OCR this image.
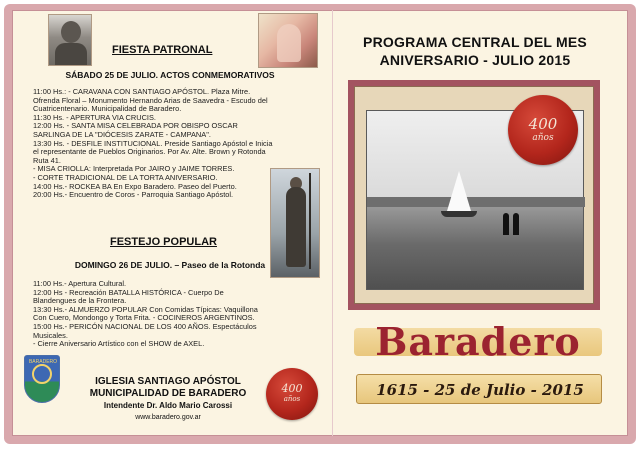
FIESTA PATRONAL
SÁBADO 25 DE JULIO. ACTOS CONMEMORATIVOS
11:00 Hs.: - CARAVANA CON SANTIAGO APÓSTOL. Plaza Mitre.
Ofrenda Floral – Monumento Hernando Arias de Saavedra - Escudo del
Cuatricentenario. Municipalidad de Baradero.
11:30 Hs. - APERTURA VIA CRUCIS.
12:00 Hs. - SANTA MISA CELEBRADA POR OBISPO OSCAR
SARLINGA DE LA "DIÓCESIS ZARATE - CAMPANA".
13:30 Hs. - DESFILE INSTITUCIONAL. Preside Santiago Apóstol e Inicia
el representante de Pueblos Originarios. Por Av. Alte. Brown y Rotonda
Ruta 41.
- MISA CRIOLLA: Interpretada Por JAIRO y JAIME TORRES.
- CORTE TRADICIONAL DE LA TORTA ANIVERSARIO.
14:00 Hs.- ROCKEA BA En Expo Baradero. Paseo del Puerto.
20:00 Hs.- Encuentro de Coros - Parroquia Santiago Apóstol.
FESTEJO POPULAR
DOMINGO 26 DE JULIO. – Paseo de la Rotonda
11:00 Hs.- Apertura Cultural.
12:00 Hs - Recreación BATALLA HISTÓRICA - Cuerpo De
Blandengues de la Frontera.
13:30 Hs.- ALMUERZO POPULAR Con Comidas Típicas: Vaquillona
Con Cuero, Mondongo y Torta Frita. - COCINEROS ARGENTINOS.
15:00 Hs.- PERICÓN NACIONAL DE LOS 400 AÑOS. Espectáculos
Musicales.
- Cierre Aniversario Artístico con el SHOW de AXEL.
BARADERO
IGLESIA SANTIAGO APÓSTOL
MUNICIPALIDAD DE BARADERO
Intendente Dr. Aldo Mario Carossi
www.baradero.gov.ar
400
años
PROGRAMA CENTRAL DEL MES
ANIVERSARIO - JULIO 2015
400
años
Baradero
1615 - 25 de Julio - 2015
